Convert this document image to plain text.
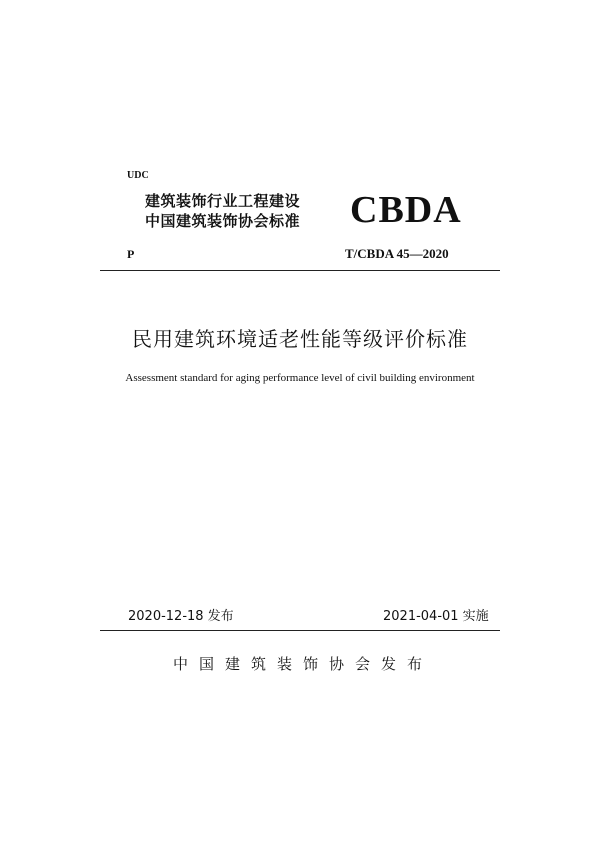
UDC
建筑装饰行业工程建设
中国建筑装饰协会标准 CBDA
P	T/CBDA 45—2020
民用建筑环境适老性能等级评价标准
Assessment standard for aging performance level of civil building environment
2020-12-18 发布	2021-04-01 实施
中国建筑装饰协会发布
